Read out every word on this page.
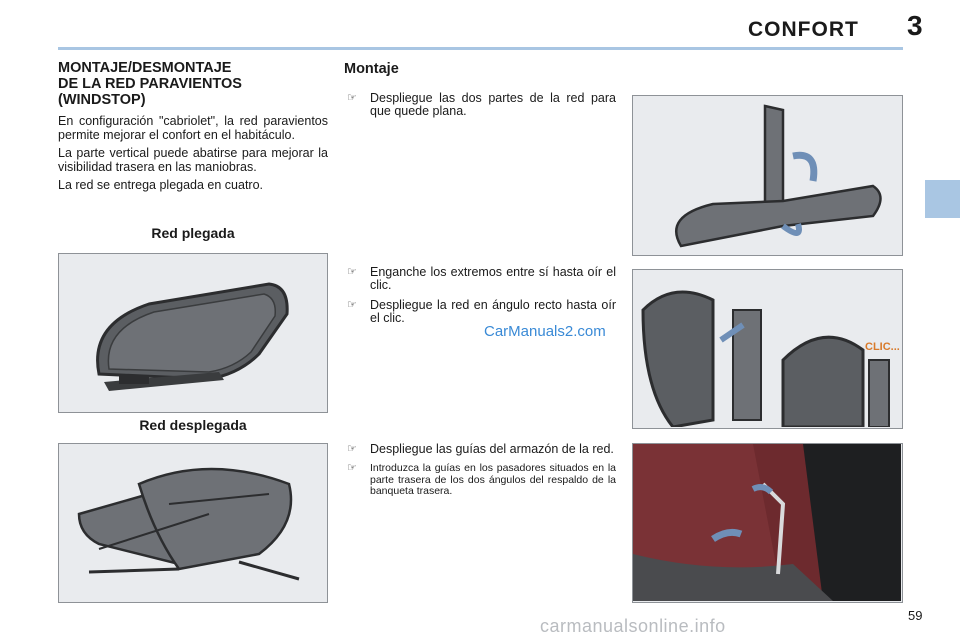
CONFORT 3
MONTAJE/DESMONTAJE
DE LA RED PARAVIENTOS
(WINDSTOP)

En configuración "cabriolet", la red paravientos permite mejorar el confort en el habitáculo.

La parte vertical puede abatirse para mejorar la visibilidad trasera en las maniobras.

La red se entrega plegada en cuatro.

Red plegada
Red desplegada
Montaje
☞ Despliegue las dos partes de la red para que quede plana.
☞ Enganche los extremos entre sí hasta oír el clic.
☞ Despliegue la red en ángulo recto hasta oír el clic.
CarManuals2.com
☞ Despliegue las guías del armazón de la red.
☞ Introduzca la guías en los pasadores situados en la parte trasera de los dos ángulos del respaldo de la banqueta trasera.
CLIC...
59
carmanualsonline.info
